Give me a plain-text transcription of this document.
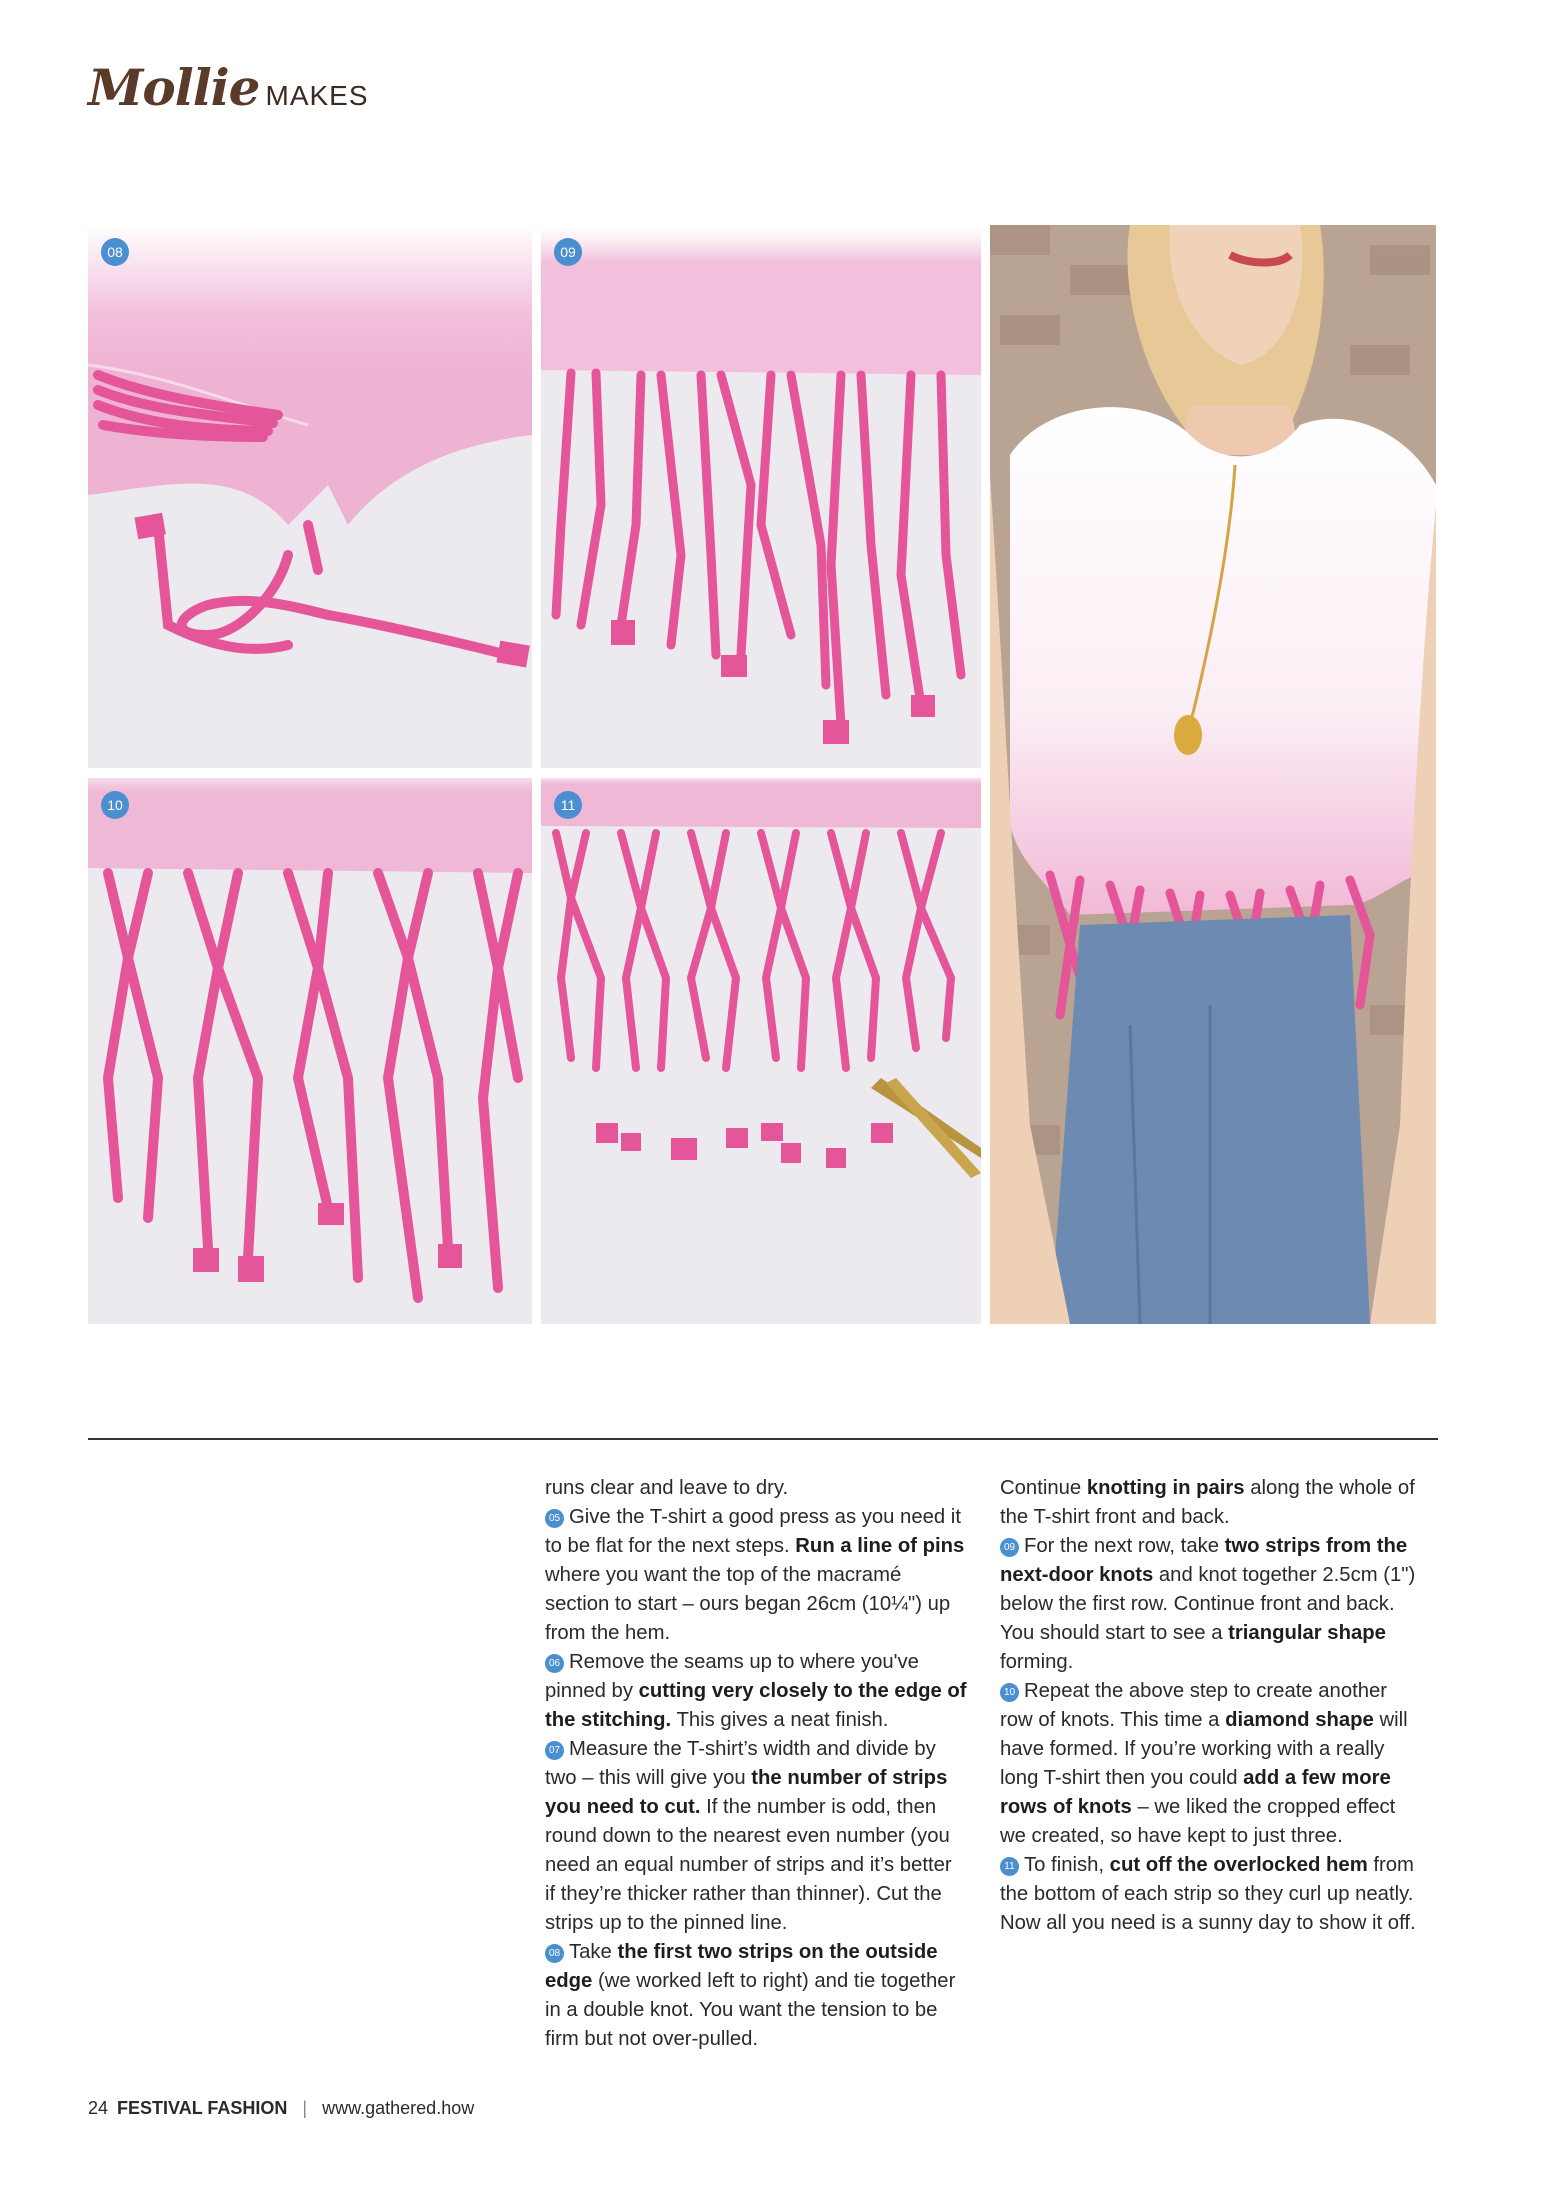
Mollie MAKES
08	09
10	11

runs clear and leave to dry.

05 Give the T-shirt a good press as you need it to be flat for the next steps. Run a line of pins where you want the top of the macramé section to start – ours began 26cm (10¼") up from the hem.

06 Remove the seams up to where you've pinned by cutting very closely to the edge of the stitching. This gives a neat finish.

07 Measure the T-shirt’s width and divide by two – this will give you the number of strips you need to cut. If the number is odd, then round down to the nearest even number (you need an equal number of strips and it’s better if they’re thicker rather than thinner). Cut the strips up to the pinned line.

08 Take the first two strips on the outside edge (we worked left to right) and tie together in a double knot. You want the tension to be firm but not over-pulled.

Continue knotting in pairs along the whole of the T-shirt front and back.

09 For the next row, take two strips from the next-door knots and knot together 2.5cm (1") below the first row. Continue front and back. You should start to see a triangular shape forming.

10 Repeat the above step to create another row of knots. This time a diamond shape will have formed. If you’re working with a really long T-shirt then you could add a few more rows of knots – we liked the cropped effect we created, so have kept to just three.

11 To finish, cut off the overlocked hem from the bottom of each strip so they curl up neatly. Now all you need is a sunny day to show it off.

24 FESTIVAL FASHION | www.gathered.how
